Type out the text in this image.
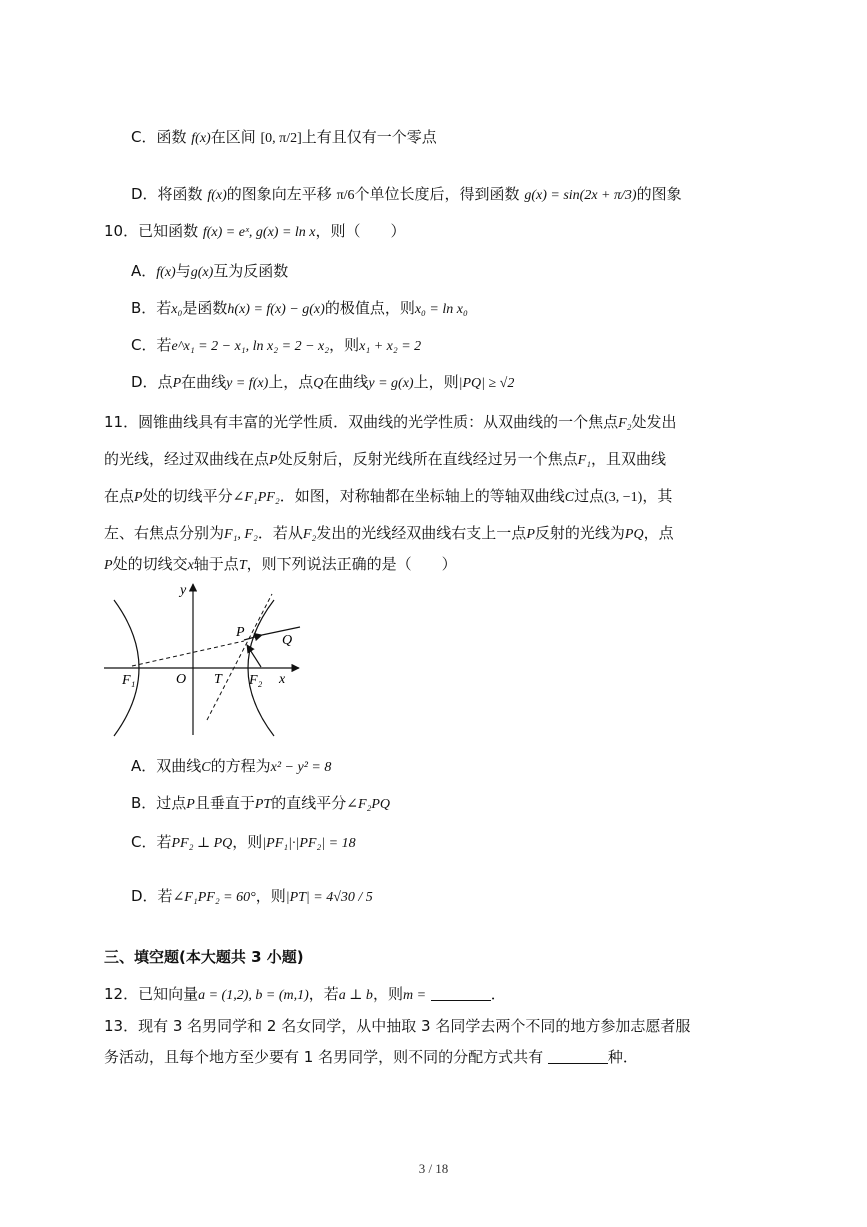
C．函数 f(x)在区间 [0, π/2]上有且仅有一个零点
D．将函数 f(x)的图象向左平移 π/6个单位长度后，得到函数 g(x) = sin(2x + π/3)的图象
10．已知函数 f(x) = eˣ, g(x) = ln x，则（　　）
A．f(x)与g(x)互为反函数
B．若x₀是函数h(x) = f(x) − g(x)的极值点，则x₀ = ln x₀
C．若e^x₁ = 2 − x₁, ln x₂ = 2 − x₂，则x₁ + x₂ = 2
D．点P在曲线y = f(x)上，点Q在曲线y = g(x)上，则|PQ| ≥ √2
11．圆锥曲线具有丰富的光学性质．双曲线的光学性质：从双曲线的一个焦点F₂处发出
的光线，经过双曲线在点P处反射后，反射光线所在直线经过另一个焦点F₁，且双曲线
在点P处的切线平分∠F₁PF₂．如图，对称轴都在坐标轴上的等轴双曲线C过点(3, −1)，其
左、右焦点分别为F₁, F₂．若从F₂发出的光线经双曲线右支上一点P反射的光线为PQ，点
P处的切线交x轴于点T，则下列说法正确的是（　　）
y
x
O T
F₁	F₂
P
Q
A．双曲线C的方程为x² − y² = 8
B．过点P且垂直于PT的直线平分∠F₂PQ
C．若PF₂ ⊥ PQ，则|PF₁|·|PF₂| = 18
D．若∠F₁PF₂ = 60°，则|PT| = 4√30 / 5
三、填空题(本大题共 3 小题)
12．已知向量a = (1,2), b = (m,1)，若a ⊥ b，则m =	．
13．现有 3 名男同学和 2 名女同学，从中抽取 3 名同学去两个不同的地方参加志愿者服
务活动，且每个地方至少要有 1 名男同学，则不同的分配方式共有	种．
3 / 18
